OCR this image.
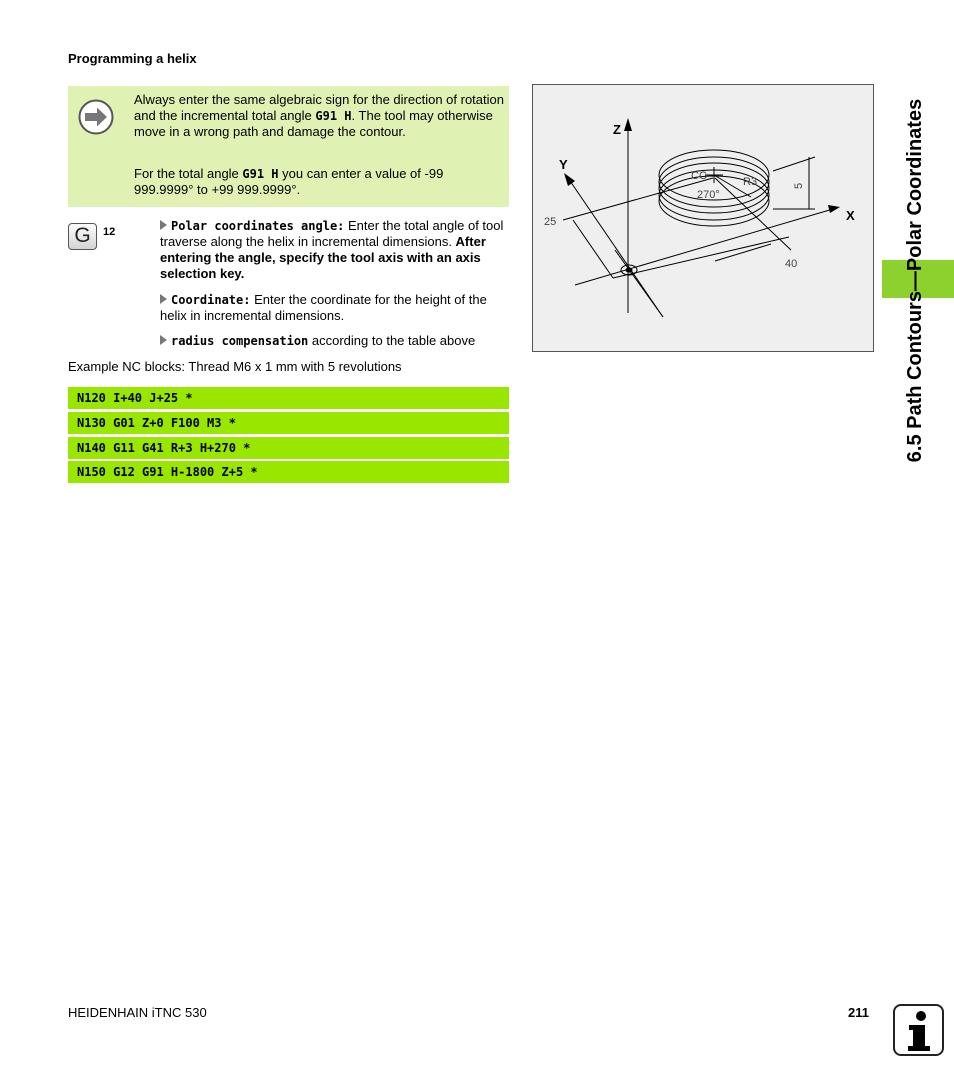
Programming a helix
Always enter the same algebraic sign for the direction of rotation and the incremental total angle G91 H. The tool may otherwise move in a wrong path and damage the contour.
For the total angle G91 H you can enter a value of -99 999.9999° to +99 999.9999°.
G	12	Polar coordinates angle: Enter the total angle of tool traverse along the helix in incremental dimensions. After entering the angle, specify the tool axis with an axis selection key.
Coordinate: Enter the coordinate for the height of the helix in incremental dimensions.
radius compensation according to the table above
Example NC blocks: Thread M6 x 1 mm with 5 revolutions
N120 I+40 J+25 *
N130 G01 Z+0 F100 M3 *
N140 G11 G41 R+3 H+270 *
N150 G12 G91 H-1800 Z+5 *
Z
Y
X
CC	R3
270°
5
25
40	6.5 Path Contours—Polar Coordinates
HEIDENHAIN iTNC 530	211
